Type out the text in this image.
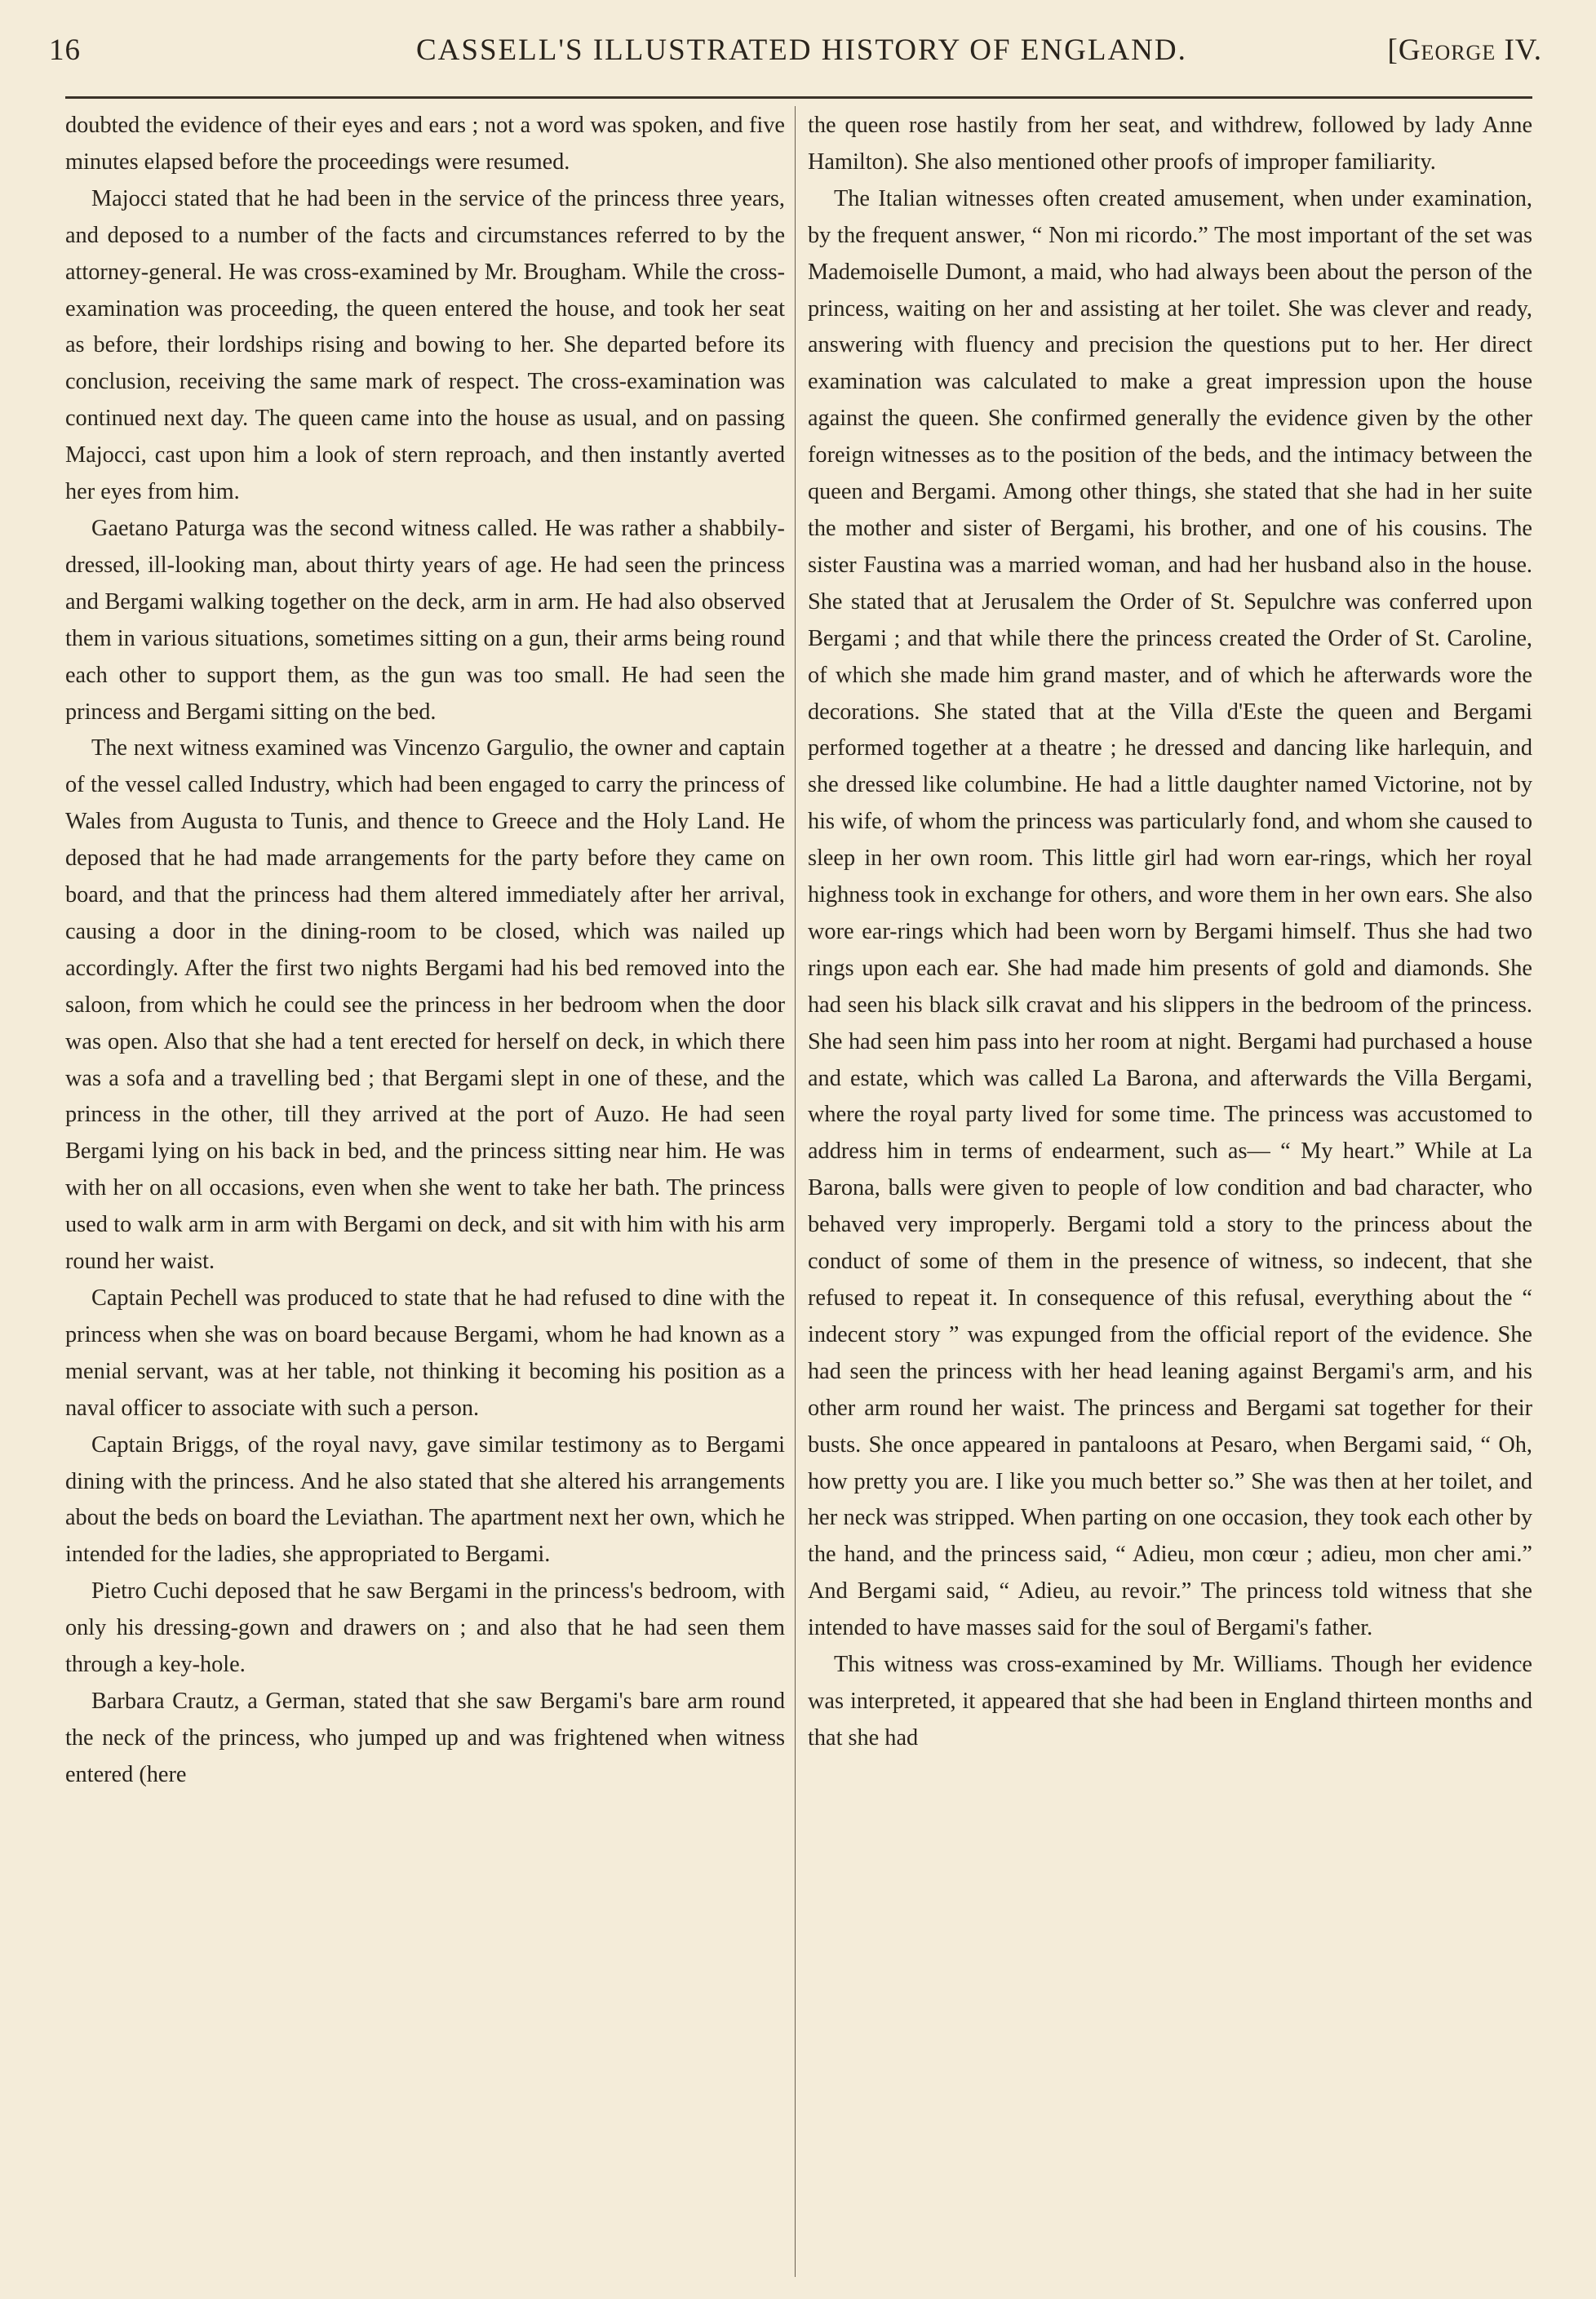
16	CASSELL'S ILLUSTRATED HISTORY OF ENGLAND.	[George IV.

doubted the evidence of their eyes and ears ; not a word was spoken, and five minutes elapsed before the proceedings were resumed.

Majocci stated that he had been in the service of the princess three years, and deposed to a number of the facts and circumstances referred to by the attorney-general. He was cross-examined by Mr. Brougham. While the cross-examination was proceeding, the queen entered the house, and took her seat as before, their lordships rising and bowing to her. She departed before its conclusion, receiving the same mark of respect. The cross-examination was continued next day. The queen came into the house as usual, and on passing Majocci, cast upon him a look of stern reproach, and then instantly averted her eyes from him.

Gaetano Paturga was the second witness called. He was rather a shabbily-dressed, ill-looking man, about thirty years of age. He had seen the princess and Bergami walking together on the deck, arm in arm. He had also observed them in various situations, sometimes sitting on a gun, their arms being round each other to support them, as the gun was too small. He had seen the princess and Bergami sitting on the bed.

The next witness examined was Vincenzo Gargulio, the owner and captain of the vessel called Industry, which had been engaged to carry the princess of Wales from Augusta to Tunis, and thence to Greece and the Holy Land. He deposed that he had made arrangements for the party before they came on board, and that the princess had them altered immediately after her arrival, causing a door in the dining-room to be closed, which was nailed up accordingly. After the first two nights Bergami had his bed removed into the saloon, from which he could see the princess in her bedroom when the door was open. Also that she had a tent erected for herself on deck, in which there was a sofa and a travelling bed ; that Bergami slept in one of these, and the princess in the other, till they arrived at the port of Auzo. He had seen Bergami lying on his back in bed, and the princess sitting near him. He was with her on all occasions, even when she went to take her bath. The princess used to walk arm in arm with Bergami on deck, and sit with him with his arm round her waist.

Captain Pechell was produced to state that he had refused to dine with the princess when she was on board because Bergami, whom he had known as a menial servant, was at her table, not thinking it becoming his position as a naval officer to associate with such a person.

Captain Briggs, of the royal navy, gave similar testimony as to Bergami dining with the princess. And he also stated that she altered his arrangements about the beds on board the Leviathan. The apartment next her own, which he intended for the ladies, she appropriated to Bergami.

Pietro Cuchi deposed that he saw Bergami in the princess's bedroom, with only his dressing-gown and drawers on ; and also that he had seen them through a key-hole.

Barbara Crautz, a German, stated that she saw Bergami's bare arm round the neck of the princess, who jumped up and was frightened when witness entered (here

the queen rose hastily from her seat, and withdrew, followed by lady Anne Hamilton). She also mentioned other proofs of improper familiarity.

The Italian witnesses often created amusement, when under examination, by the frequent answer, “ Non mi ricordo.” The most important of the set was Mademoiselle Dumont, a maid, who had always been about the person of the princess, waiting on her and assisting at her toilet. She was clever and ready, answering with fluency and precision the questions put to her. Her direct examination was calculated to make a great impression upon the house against the queen. She confirmed generally the evidence given by the other foreign witnesses as to the position of the beds, and the intimacy between the queen and Bergami. Among other things, she stated that she had in her suite the mother and sister of Bergami, his brother, and one of his cousins. The sister Faustina was a married woman, and had her husband also in the house. She stated that at Jerusalem the Order of St. Sepulchre was conferred upon Bergami ; and that while there the princess created the Order of St. Caroline, of which she made him grand master, and of which he afterwards wore the decorations. She stated that at the Villa d'Este the queen and Bergami performed together at a theatre ; he dressed and dancing like harlequin, and she dressed like columbine. He had a little daughter named Victorine, not by his wife, of whom the princess was particularly fond, and whom she caused to sleep in her own room. This little girl had worn ear-rings, which her royal highness took in exchange for others, and wore them in her own ears. She also wore ear-rings which had been worn by Bergami himself. Thus she had two rings upon each ear. She had made him presents of gold and diamonds. She had seen his black silk cravat and his slippers in the bedroom of the princess. She had seen him pass into her room at night. Bergami had purchased a house and estate, which was called La Barona, and afterwards the Villa Bergami, where the royal party lived for some time. The princess was accustomed to address him in terms of endearment, such as— “ My heart.” While at La Barona, balls were given to people of low condition and bad character, who behaved very improperly. Bergami told a story to the princess about the conduct of some of them in the presence of witness, so indecent, that she refused to repeat it. In consequence of this refusal, everything about the “ indecent story ” was expunged from the official report of the evidence. She had seen the princess with her head leaning against Bergami's arm, and his other arm round her waist. The princess and Bergami sat together for their busts. She once appeared in pantaloons at Pesaro, when Bergami said, “ Oh, how pretty you are. I like you much better so.” She was then at her toilet, and her neck was stripped. When parting on one occasion, they took each other by the hand, and the princess said, “ Adieu, mon cœur ; adieu, mon cher ami.” And Bergami said, “ Adieu, au revoir.” The princess told witness that she intended to have masses said for the soul of Bergami's father.

This witness was cross-examined by Mr. Williams. Though her evidence was interpreted, it appeared that she had been in England thirteen months and that she had
